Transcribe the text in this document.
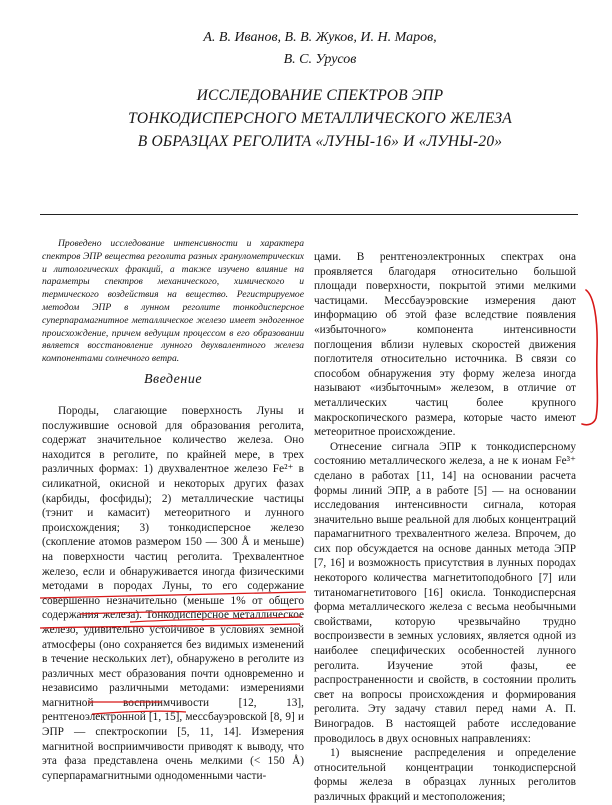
А. В. Иванов, В. В. Жуков, И. Н. Маров,
В. С. Урусов
ИССЛЕДОВАНИЕ СПЕКТРОВ ЭПР
ТОНКОДИСПЕРСНОГО МЕТАЛЛИЧЕСКОГО ЖЕЛЕЗА
В ОБРАЗЦАХ РЕГОЛИТА «ЛУНЫ-16» И «ЛУНЫ-20»

Проведено исследование интенсивности и характера спектров ЭПР вещества реголита разных гранулометрических и литологических фракций, а также изучено влияние на параметры спектров механического, химического и термического воздействия на вещество. Регистрируемое методом ЭПР в лунном реголите тонкодисперсное суперпарамагнитное металлическое железо имеет эндогенное происхождение, причем ведущим процессом в его образовании является восстановление лунного двухвалентного железа компонентами солнечного ветра.

Введение

Породы, слагающие поверхность Луны и послужившие основой для образования реголита, содержат значительное количество железа. Оно находится в реголите, по крайней мере, в трех различных формах: 1) двухвалентное железо Fe²⁺ в силикатной, окисной и некоторых других фазах (карбиды, фосфиды); 2) металлические частицы (тэнит и камасит) метеоритного и лунного происхождения; 3) тонкодисперсное железо (скопление атомов размером 150 — 300 Å и меньше) на поверхности частиц реголита. Трехвалентное железо, если и обнаруживается иногда физическими методами в породах Луны, то его содержание совершенно незначительно (меньше 1% от общего содержания железа). Тонкодисперсное металлическое железо, удивительно устойчивое в условиях земной атмосферы (оно сохраняется без видимых изменений в течение нескольких лет), обнаружено в реголите из различных мест образования почти одновременно и независимо различными методами: измерениями магнитной восприимчивости [12, 13], рентгеноэлектронной [1, 15], мессбауэровской [8, 9] и ЭПР — спектроскопии [5, 11, 14]. Измерения магнитной восприимчивости приводят к выводу, что эта фаза представлена очень мелкими (< 150 Å) суперпарамагнитными однодоменными части-

цами. В рентгеноэлектронных спектрах она проявляется благодаря относительно большой площади поверхности, покрытой этими мелкими частицами. Мессбауэровские измерения дают информацию об этой фазе вследствие появления «избыточного» компонента интенсивности поглощения вблизи нулевых скоростей движения поглотителя относительно источника. В связи со способом обнаружения эту форму железа иногда называют «избыточным» железом, в отличие от металлических частиц более крупного макроскопического размера, которые часто имеют метеоритное происхождение.

Отнесение сигнала ЭПР к тонкодисперсному состоянию металлического железа, а не к ионам Fe³⁺ сделано в работах [11, 14] на основании расчета формы линий ЭПР, а в работе [5] — на основании исследования интенсивности сигнала, которая значительно выше реальной для любых концентраций парамагнитного трехвалентного железа. Впрочем, до сих пор обсуждается на основе данных метода ЭПР [7, 16] и возможность присутствия в лунных породах некоторого количества магнетитоподобного [7] или титаномагнетитового [16] окисла. Тонкодисперсная форма металлического железа с весьма необычными свойствами, которую чрезвычайно трудно воспроизвести в земных условиях, является одной из наиболее специфических особенностей лунного реголита. Изучение этой фазы, ее распространенности и свойств, в состоянии пролить свет на вопросы происхождения и формирования реголита. Эту задачу ставил перед нами А. П. Виноградов. В настоящей работе исследование проводилось в двух основных направлениях:

1) выяснение распределения и определение относительной концентрации тонкодисперсной формы железа в образцах лунных реголитов различных фракций и местоположения;
